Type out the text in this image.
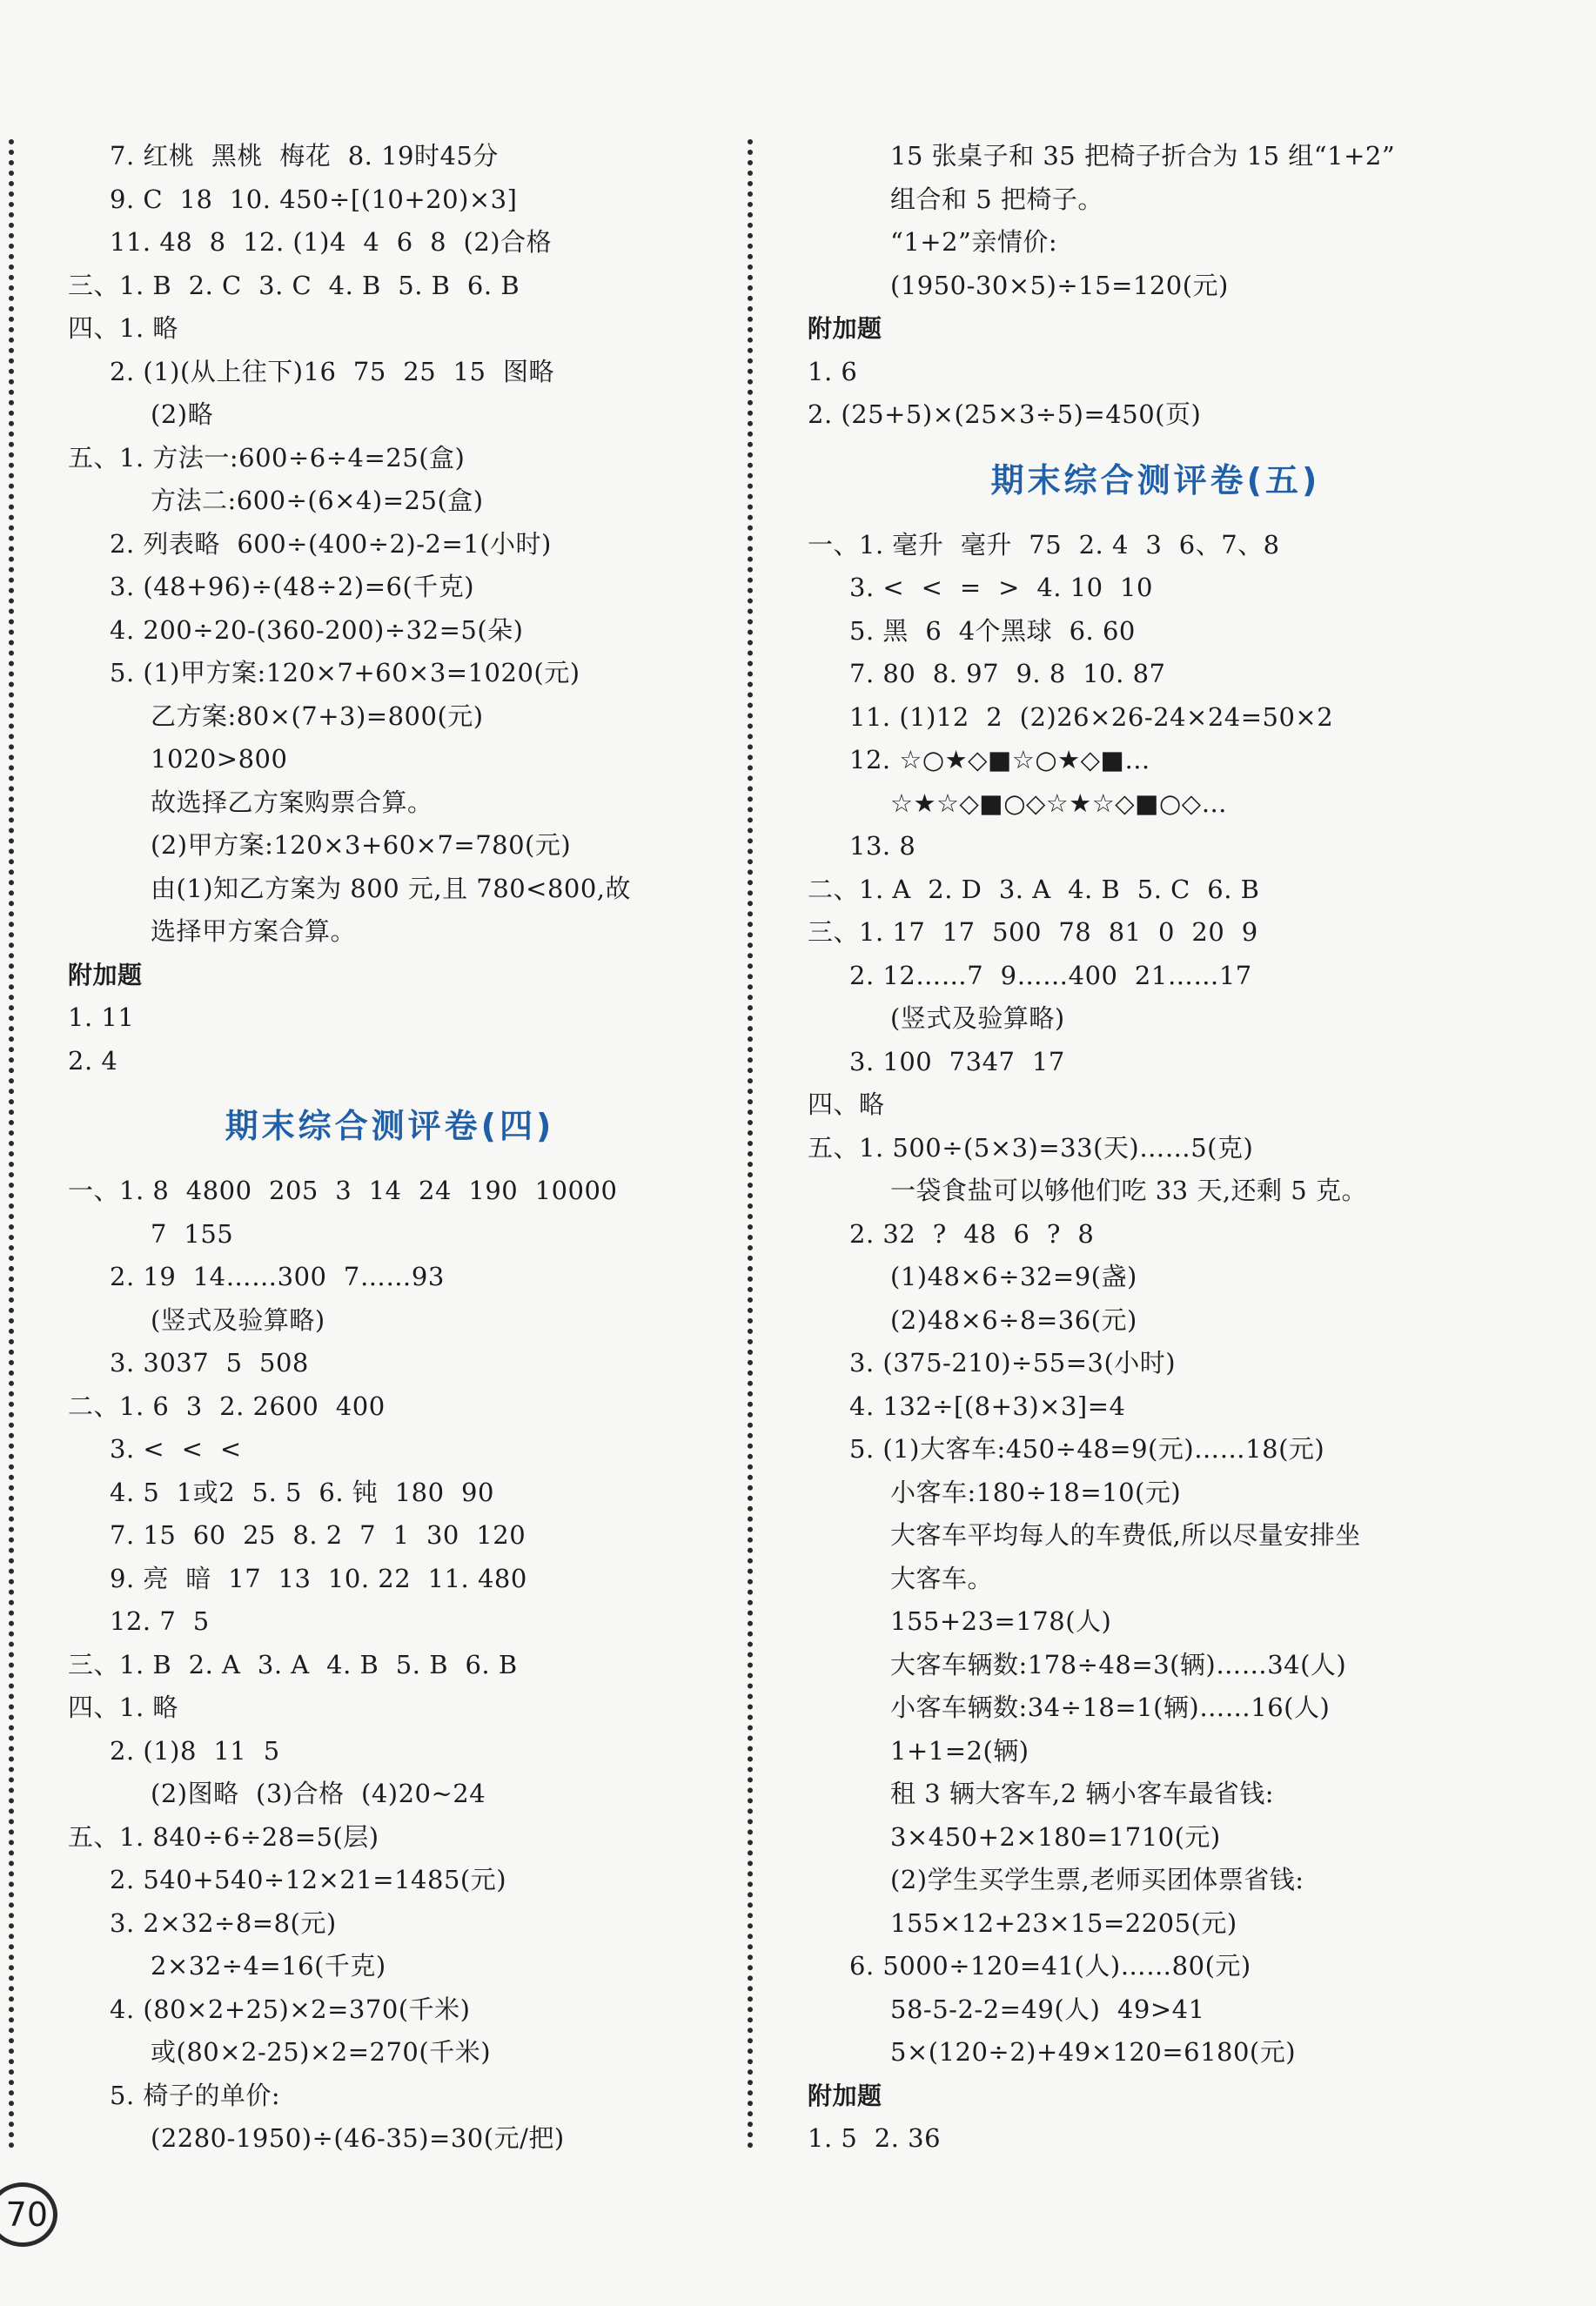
7. 红桃  黑桃  梅花  8. 19时45分
9. C  18  10. 450÷[(10+20)×3]
11. 48  8  12. (1)4  4  6  8  (2)合格
三、1. B  2. C  3. C  4. B  5. B  6. B
四、1. 略
2. (1)(从上往下)16  75  25  15  图略
(2)略
五、1. 方法一:600÷6÷4=25(盒)
方法二:600÷(6×4)=25(盒)
2. 列表略  600÷(400÷2)-2=1(小时)
3. (48+96)÷(48÷2)=6(千克)
4. 200÷20-(360-200)÷32=5(朵)
5. (1)甲方案:120×7+60×3=1020(元)
乙方案:80×(7+3)=800(元)
1020>800
故选择乙方案购票合算。
(2)甲方案:120×3+60×7=780(元)
由(1)知乙方案为 800 元,且 780<800,故
选择甲方案合算。
附加题
1. 11
2. 4
期末综合测评卷(四)
一、1. 8  4800  205  3  14  24  190  10000
7  155
2. 19  14……300  7……93
(竖式及验算略)
3. 3037  5  508
二、1. 6  3  2. 2600  400
3. <  <  <
4. 5  1或2  5. 5  6. 钝  180  90
7. 15  60  25  8. 2  7  1  30  120
9. 亮  暗  17  13  10. 22  11. 480
12. 7  5
三、1. B  2. A  3. A  4. B  5. B  6. B
四、1. 略
2. (1)8  11  5
(2)图略  (3)合格  (4)20~24
五、1. 840÷6÷28=5(层)
2. 540+540÷12×21=1485(元)
3. 2×32÷8=8(元)
2×32÷4=16(千克)
4. (80×2+25)×2=370(千米)
或(80×2-25)×2=270(千米)
5. 椅子的单价:
(2280-1950)÷(46-35)=30(元/把)
15 张桌子和 35 把椅子折合为 15 组“1+2”
组合和 5 把椅子。
“1+2”亲情价:
(1950-30×5)÷15=120(元)
附加题
1. 6
2. (25+5)×(25×3÷5)=450(页)
期末综合测评卷(五)
一、1. 毫升  毫升  75  2. 4  3  6、7、8
3. <  <  =  >  4. 10  10
5. 黑  6  4个黑球  6. 60
7. 80  8. 97  9. 8  10. 87
11. (1)12  2  (2)26×26-24×24=50×2
12. ☆○★◇■☆○★◇■…
☆★☆◇■○◇☆★☆◇■○◇…
13. 8
二、1. A  2. D  3. A  4. B  5. C  6. B
三、1. 17  17  500  78  81  0  20  9
2. 12……7  9……400  21……17
(竖式及验算略)
3. 100  7347  17
四、略
五、1. 500÷(5×3)=33(天)……5(克)
一袋食盐可以够他们吃 33 天,还剩 5 克。
2. 32  ?  48  6  ?  8
(1)48×6÷32=9(盏)
(2)48×6÷8=36(元)
3. (375-210)÷55=3(小时)
4. 132÷[(8+3)×3]=4
5. (1)大客车:450÷48=9(元)……18(元)
小客车:180÷18=10(元)
大客车平均每人的车费低,所以尽量安排坐
大客车。
155+23=178(人)
大客车辆数:178÷48=3(辆)……34(人)
小客车辆数:34÷18=1(辆)……16(人)
1+1=2(辆)
租 3 辆大客车,2 辆小客车最省钱:
3×450+2×180=1710(元)
(2)学生买学生票,老师买团体票省钱:
155×12+23×15=2205(元)
6. 5000÷120=41(人)……80(元)
58-5-2-2=49(人)  49>41
5×(120÷2)+49×120=6180(元)
附加题
1. 5  2. 36
70
